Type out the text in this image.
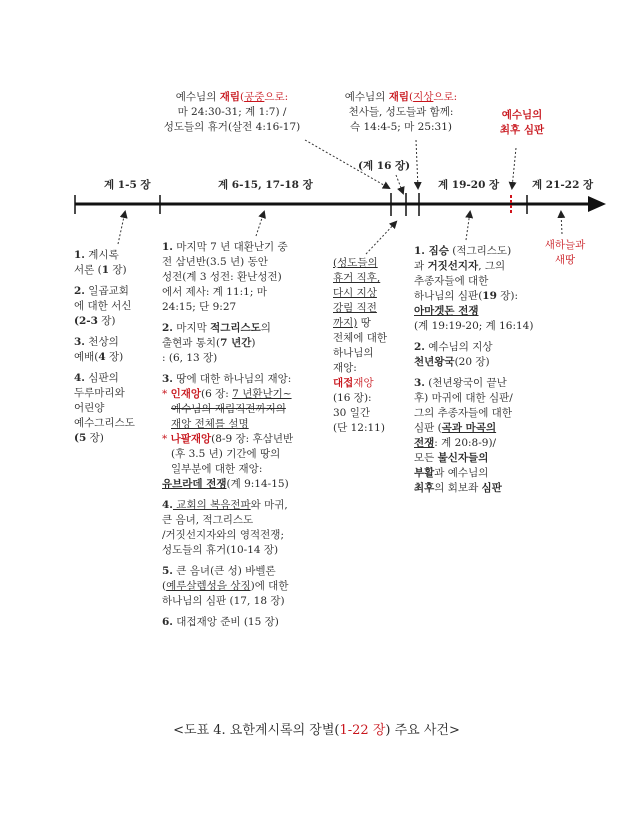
예수님의 재림(공중으로:

마 24:30-31; 계 1:7) /

성도들의 휴거(살전 4:16-17)

예수님의 재림(지상으로:

천사들, 성도들과 함께:

슥 14:4-5; 마 25:31)

예수님의

최후 심판

(계 16 장)
계 1-5 장	계 6-15, 17-18 장	계 19-20 장	계 21-22 장

1. 계시록

서론 (1 장)

2. 일곱교회

에 대한 서신

(2-3 장)

3. 천상의

예배(4 장)

4. 심판의

두루마리와

어린양

예수그리스도

(5 장)

1. 마지막 7 년 대환난기 중

전 삼년반(3.5 년) 동안

성전(계 3 성전: 환난성전)

에서 제사: 계 11:1; 마

24:15; 단 9:27

2. 마지막 적그리스도의

출현과 통치(7 년간)

: (6, 13 장)

3. 땅에 대한 하나님의 재앙:

* 인재앙(6 장: 7 년환난기~

예수님의 재림직전까지의

재앙 전체를 설명

* 나팔재앙(8-9 장: 후삼년반

(후 3.5 년) 기간에 땅의

일부분에 대한 재앙:

유브라데 전쟁(계 9:14-15)

4. 교회의 복음전파와 마귀,

큰 음녀, 적그리스도

/거짓선지자와의 영적전쟁;

성도들의 휴거(10-14 장)

5. 큰 음녀(큰 성) 바벨론

(예루살렘성을 상징)에 대한

하나님의 심판 (17, 18 장)

6. 대접재앙 준비 (15 장)

(성도들의

휴거 직후,

다시 지상

강림 직전

까지) 땅

전체에 대한

하나님의

재앙:

대접재앙

(16 장):

30 일간

(단 12:11)

1. 짐승 (적그리스도)

과 거짓선지자, 그의

추종자들에 대한

하나님의 심판(19 장):

아마겟돈 전쟁

(계 19:19-20; 계 16:14)

2. 예수님의 지상

천년왕국(20 장)

3. (천년왕국이 끝난

후) 마귀에 대한 심판/

그의 추종자들에 대한

심판 (곡과 마곡의

전쟁: 계 20:8-9)/

모든 불신자들의

부활과 예수님의

최후의 회보좌 심판

새하늘과

새땅

<도표 4. 요한계시록의 장별(1-22 장) 주요 사건>
